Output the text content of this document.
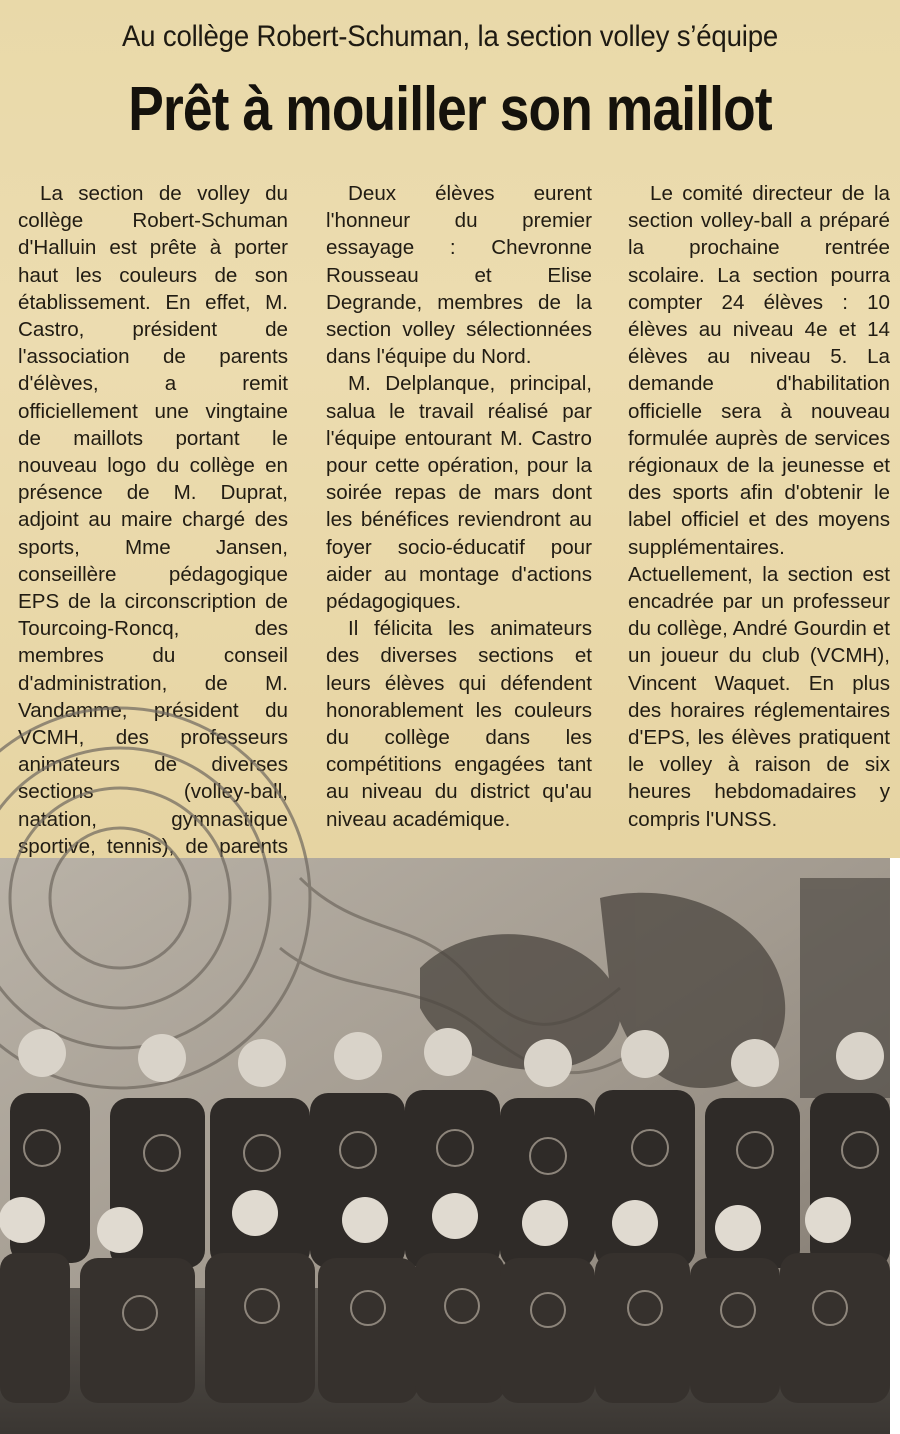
Au collège Robert-Schuman, la section volley s’équipe
Prêt à mouiller son maillot

La section de volley du collège Robert-Schuman d'Halluin est prête à porter haut les couleurs de son établissement. En effet, M. Castro, président de l'association de parents d'élèves, a remit officiellement une vingtaine de maillots portant le nouveau logo du collège en présence de M. Duprat, adjoint au maire chargé des sports, Mme Jansen, conseillère pédagogique EPS de la circonscription de Tourcoing-Roncq, des membres du conseil d'administration, de M. Vandamme, président du VCMH, des professeurs animateurs de diverses sections (volley-ball, natation, gymnastique sportive, tennis), de parents

Deux élèves eurent l'honneur du premier essayage : Chevronne Rousseau et Elise Degrande, membres de la section volley sélectionnées dans l'équipe du Nord.

M. Delplanque, principal, salua le travail réalisé par l'équipe entourant M. Castro pour cette opération, pour la soirée repas de mars dont les bénéfices reviendront au foyer socio-éducatif pour aider au montage d'actions pédagogiques.

Il félicita les animateurs des diverses sections et leurs élèves qui défendent honorablement les couleurs du collège dans les compétitions engagées tant au niveau du district qu'au niveau académique.

Le comité directeur de la section volley-ball a préparé la prochaine rentrée scolaire. La section pourra compter 24 élèves : 10 élèves au niveau 4e et 14 élèves au niveau 5. La demande d'habilitation officielle sera à nouveau formulée auprès de services régionaux de la jeunesse et des sports afin d'obtenir le label officiel et des moyens supplémentaires. Actuellement, la section est encadrée par un professeur du collège, André Gourdin et un joueur du club (VCMH), Vincent Waquet. En plus des horaires réglementaires d'EPS, les élèves pratiquent le volley à raison de six heures hebdomadaires y compris l'UNSS.
